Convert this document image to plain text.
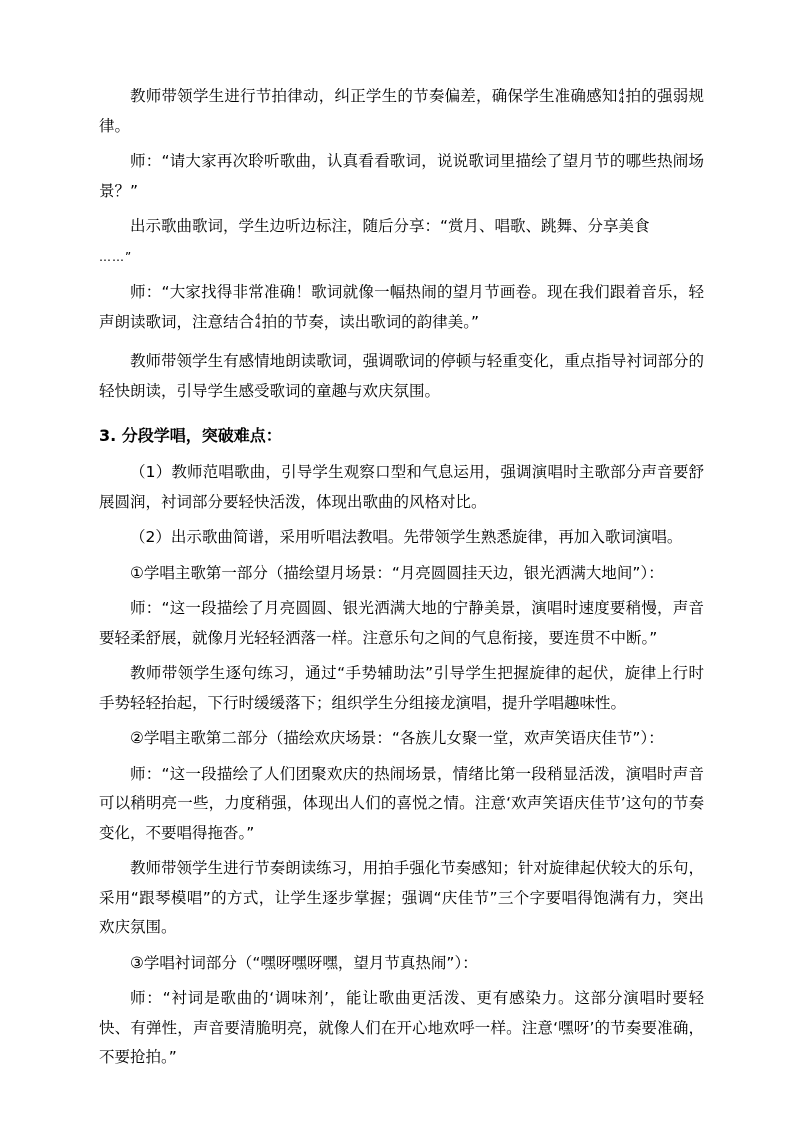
教师带领学生进行节拍律动，纠正学生的节奏偏差，确保学生准确感知 4
4 拍的强弱规律。

师：“请大家再次聆听歌曲，认真看看歌词，说说歌词里描绘了望月节的哪些热闹场景？”

出示歌曲歌词，学生边听边标注，随后分享：“赏月、唱歌、跳舞、分享美食
……”

师：“大家找得非常准确！歌词就像一幅热闹的望月节画卷。现在我们跟着音乐，轻声朗读歌词，注意结合 4
4 拍的节奏，读出歌词的韵律美。”

教师带领学生有感情地朗读歌词，强调歌词的停顿与轻重变化，重点指导衬词部分的轻快朗读，引导学生感受歌词的童趣与欢庆氛围。

3. 分段学唱，突破难点：

（1）教师范唱歌曲，引导学生观察口型和气息运用，强调演唱时主歌部分声音要舒展圆润，衬词部分要轻快活泼，体现出歌曲的风格对比。

（2）出示歌曲简谱，采用听唱法教唱。先带领学生熟悉旋律，再加入歌词演唱。

①学唱主歌第一部分（描绘望月场景：“月亮圆圆挂天边，银光洒满大地间”）：

师：“这一段描绘了月亮圆圆、银光洒满大地的宁静美景，演唱时速度要稍慢，声音要轻柔舒展，就像月光轻轻洒落一样。注意乐句之间的气息衔接，要连贯不中断。”

教师带领学生逐句练习，通过“手势辅助法”引导学生把握旋律的起伏，旋律上行时手势轻轻抬起，下行时缓缓落下；组织学生分组接龙演唱，提升学唱趣味性。

②学唱主歌第二部分（描绘欢庆场景：“各族儿女聚一堂，欢声笑语庆佳节”）：

师：“这一段描绘了人们团聚欢庆的热闹场景，情绪比第一段稍显活泼，演唱时声音可以稍明亮一些，力度稍强，体现出人们的喜悦之情。注意‘欢声笑语庆佳节’这句的节奏变化，不要唱得拖沓。”

教师带领学生进行节奏朗读练习，用拍手强化节奏感知；针对旋律起伏较大的乐句，采用“跟琴模唱”的方式，让学生逐步掌握；强调“庆佳节”三个字要唱得饱满有力，突出欢庆氛围。

③学唱衬词部分（“嘿呀嘿呀嘿，望月节真热闹”）：

师：“衬词是歌曲的‘调味剂’，能让歌曲更活泼、更有感染力。这部分演唱时要轻快、有弹性，声音要清脆明亮，就像人们在开心地欢呼一样。注意‘嘿呀’的节奏要准确，不要抢拍。”
